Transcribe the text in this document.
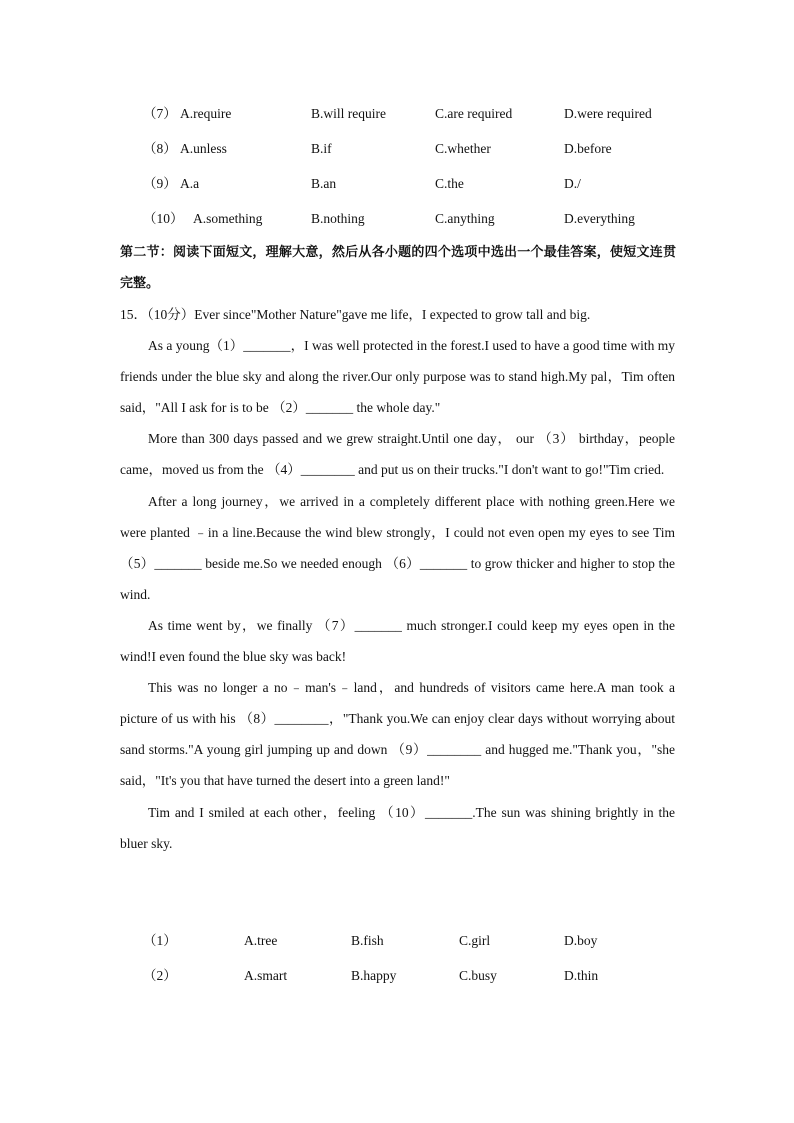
（7） A.require	B.will require	C.are required	D.were required
（8） A.unless	B.if	C.whether	D.before
（9） A.a	B.an	C.the	D./
（10） A.something	B.nothing	C.anything	D.everything
第二节：阅读下面短文，理解大意，然后从各小题的四个选项中选出一个最佳答案，使短文连贯完整。

15．（10分）Ever since"Mother Nature"gave me life，I expected to grow tall and big.

As a young（1）_______，I was well protected in the forest.I used to have a good time with my friends under the blue sky and along the river.Our only purpose was to stand high.My pal，Tim often said，"All I ask for is to be （2）_______ the whole day."

More than 300 days passed and we grew straight.Until one day， our （3） birthday，people came，moved us from the （4）________ and put us on their trucks."I don't want to go!"Tim cried.

After a long journey，we arrived in a completely different place with nothing green.Here we were planted ﹣in a line.Because the wind blew strongly，I could not even open my eyes to see Tim （5）_______ beside me.So we needed enough （6）_______ to grow thicker and higher to stop the wind.

As time went by，we finally （7）_______ much stronger.I could keep my eyes open in the wind!I even found the blue sky was back!

This was no longer a no﹣man's﹣land，and hundreds of visitors came here.A man took a picture of us with his （8）________，"Thank you.We can enjoy clear days without worrying about sand storms."A young girl jumping up and down （9）________ and hugged me."Thank you，"she said，"It's you that have turned the desert into a green land!"

Tim and I smiled at each other，feeling （10）_______.The sun was shining brightly in the bluer sky.

（1）	A.tree	B.fish	C.girl	D.boy
（2）	A.smart	B.happy	C.busy	D.thin
